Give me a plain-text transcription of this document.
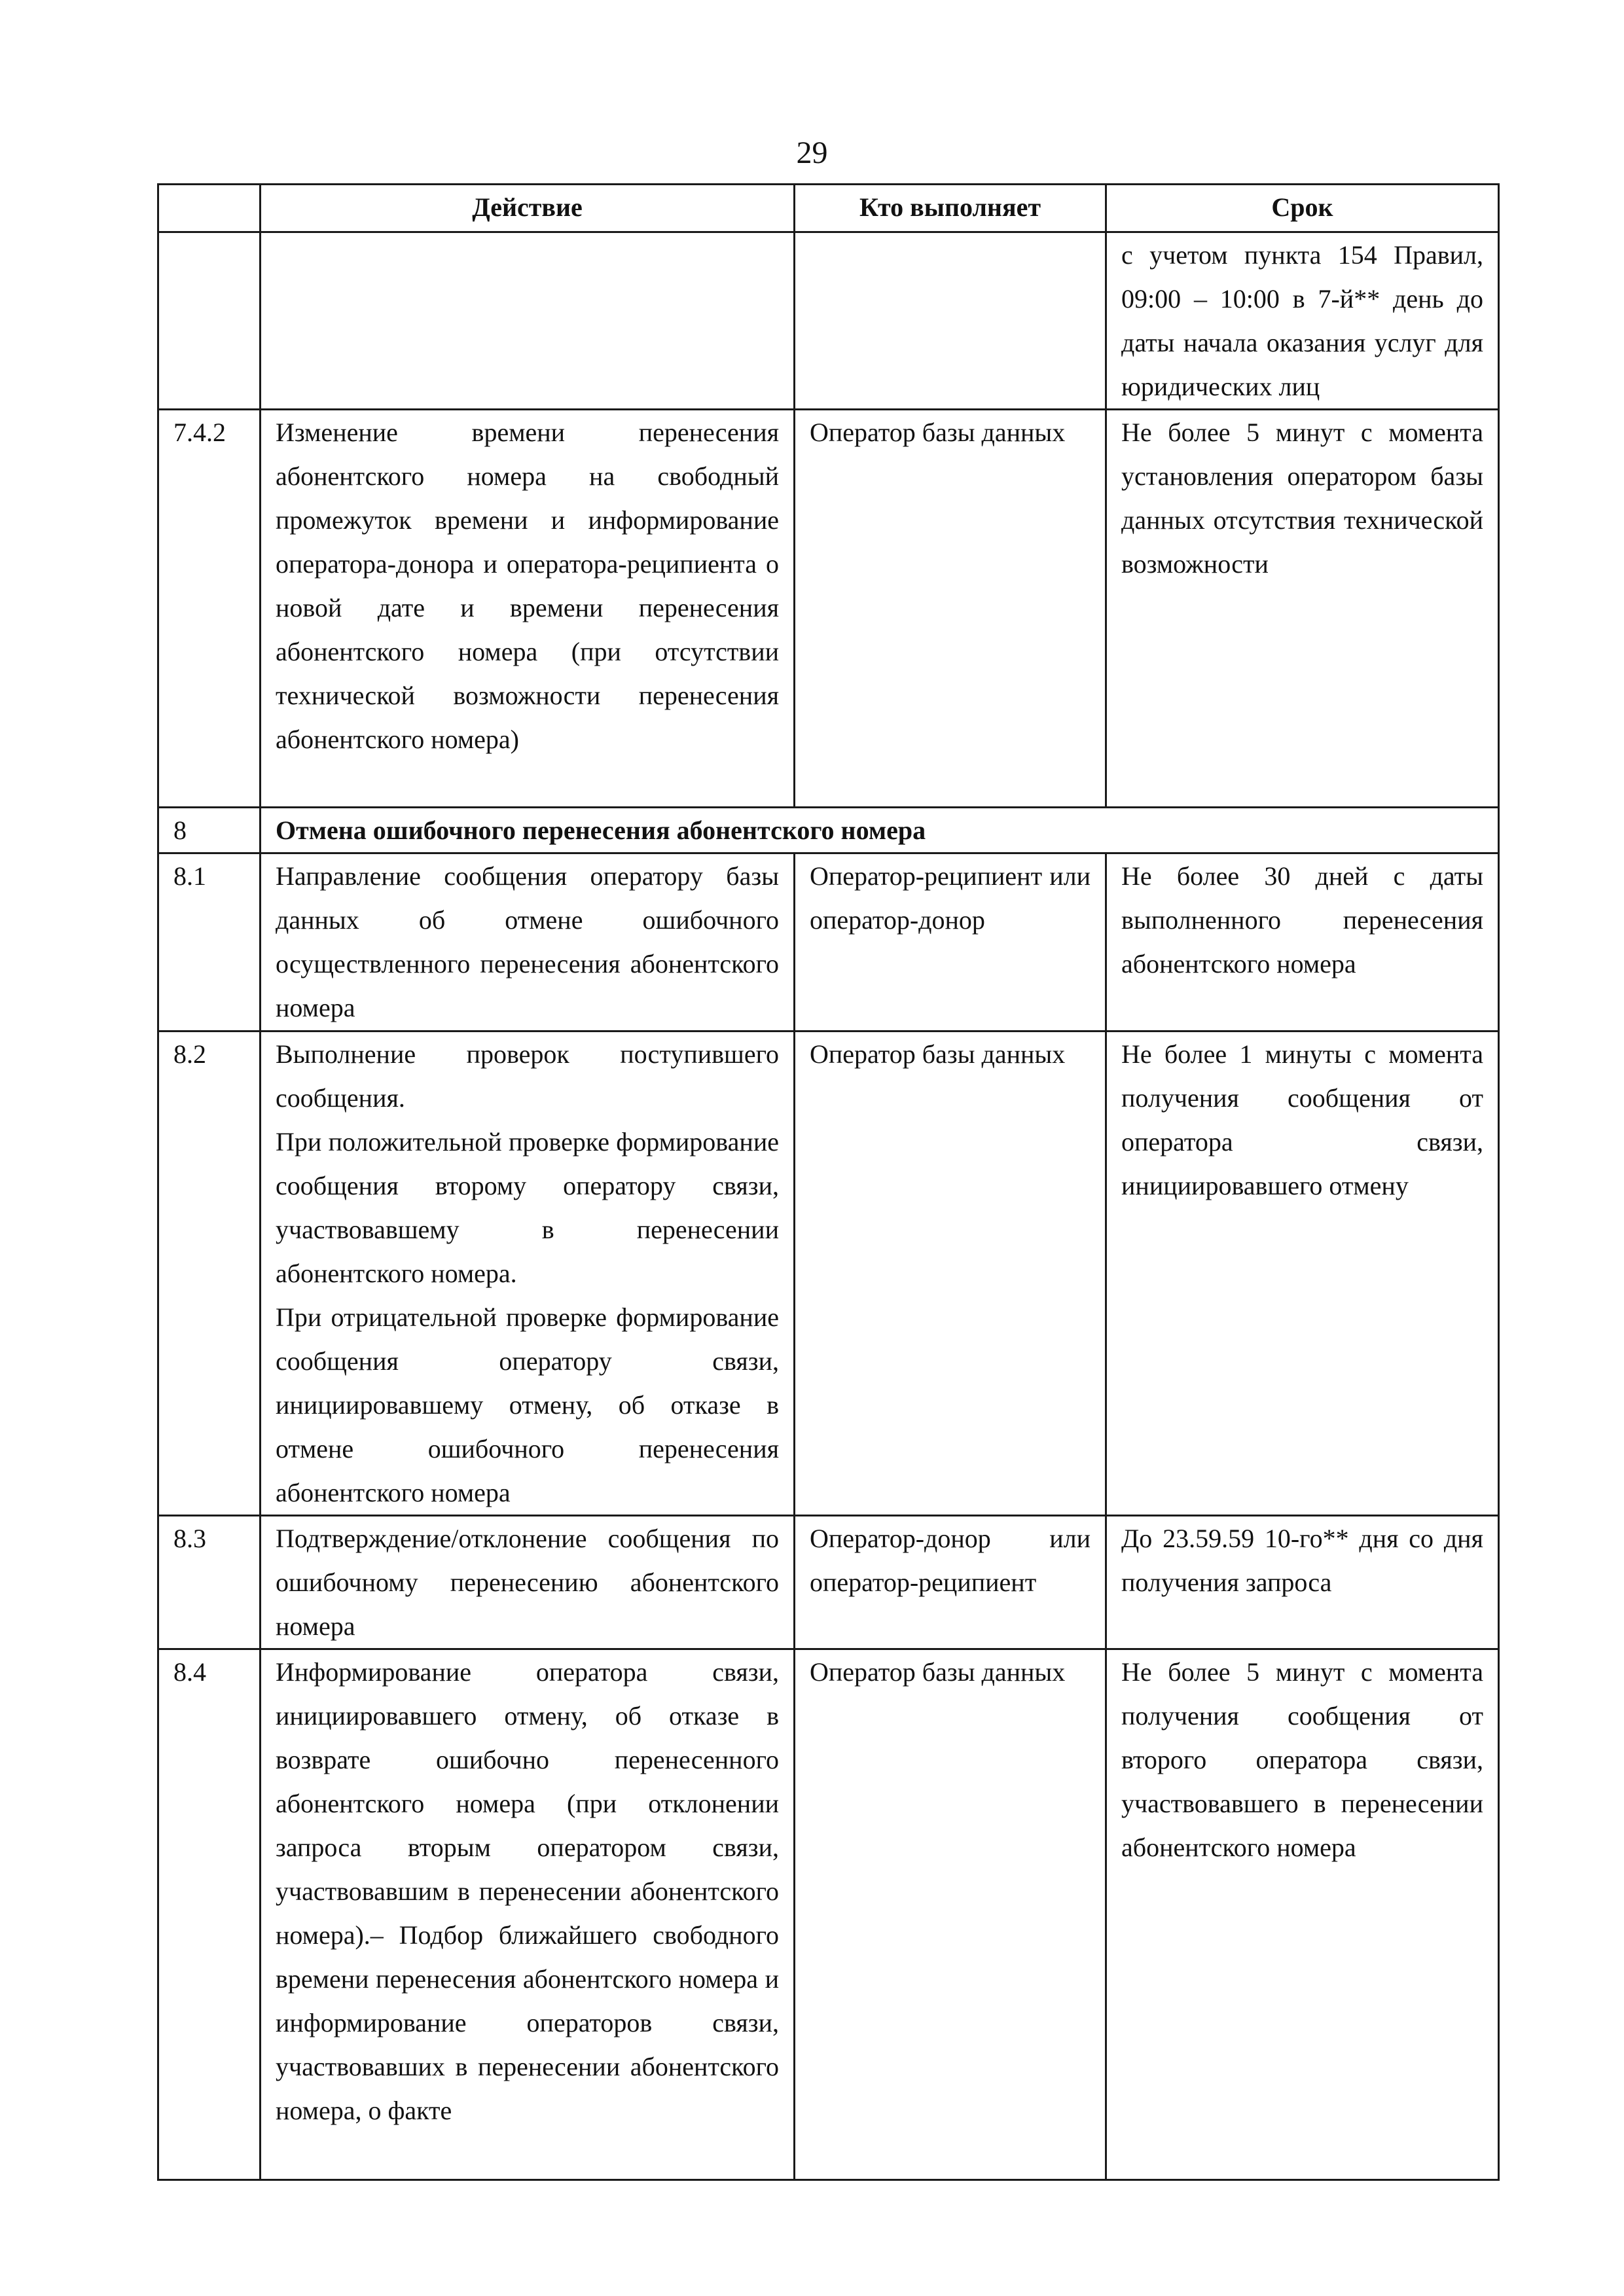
29
	Действие	Кто выполняет	Срок
			с учетом пункта 154 Правил, 09:00 – 10:00 в 7-й** день до даты начала оказания услуг для юридических лиц
7.4.2	Изменение времени перенесения абонентского номера на свободный промежуток времени и информирование оператора-донора и оператора-реципиента о новой дате и времени перенесения абонентского номера (при отсутствии технической возможности перенесения абонентского номера)	Оператор базы данных	Не более 5 минут с момента установления оператором базы данных отсутствия технической возможности
8	Отмена ошибочного перенесения абонентского номера		
8.1	Направление сообщения оператору базы данных об отмене ошибочного осуществленного перенесения абонентского номера	Оператор-реципиент или оператор-донор	Не более 30 дней с даты выполненного перенесения абонентского номера
8.2	Выполнение проверок поступившего сообщения.

При положительной проверке формирование сообщения второму оператору связи, участвовавшему в перенесении абонентского номера.

При отрицательной проверке формирование сообщения оператору связи, инициировавшему отмену, об отказе в отмене ошибочного перенесения абонентского номера	Оператор базы данных	Не более 1 минуты с момента получения сообщения от оператора связи, инициировавшего отмену
8.3	Подтверждение/отклонение сообщения по ошибочному перенесению абонентского номера	Оператор-донор или оператор-реципиент	До 23.59.59 10-го** дня со дня получения запроса
8.4	Информирование оператора связи, инициировавшего отмену, об отказе в возврате ошибочно перенесенного абонентского номера (при отклонении запроса вторым оператором связи, участвовавшим в перенесении абонентского номера).– Подбор ближайшего свободного времени перенесения абонентского номера и информирование операторов связи, участвовавших в перенесении абонентского номера, о факте	Оператор базы данных	Не более 5 минут с момента получения сообщения от второго оператора связи, участвовавшего в перенесении абонентского номера
